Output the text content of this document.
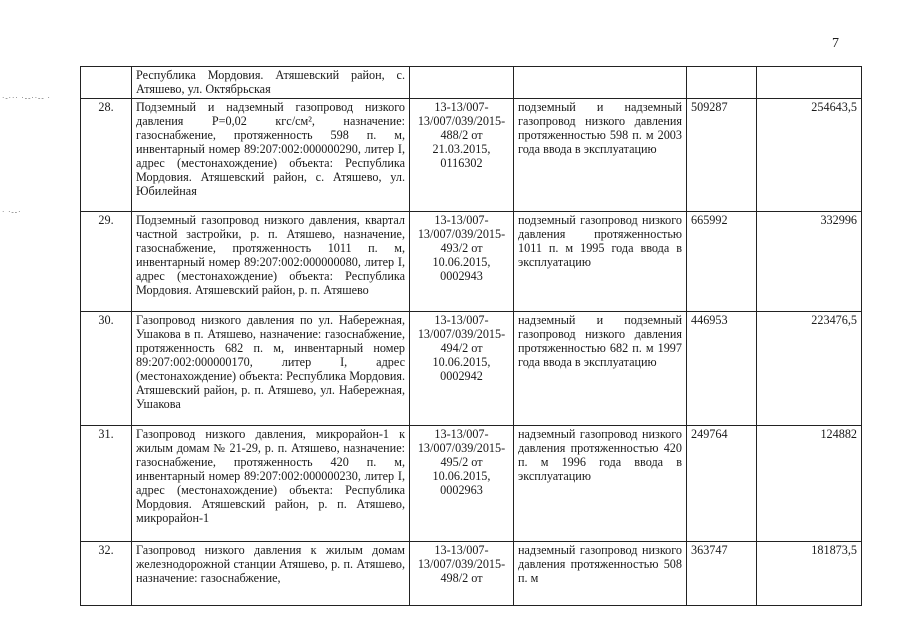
7
·-··· ·--··-- ·
· ·--·
	Республика Мордовия. Атяшевский район, с. Атяшево, ул. Октябрьская				
28.	Подземный и надземный газопровод низкого давления Р=0,02 кгс/см², назначение: газоснабжение, протяженность 598 п. м, инвентарный номер 89:207:002:000000290, литер I, адрес (местонахождение) объекта: Республика Мордовия. Атяшевский район, с. Атяшево, ул. Юбилейная	13-13/007-13/007/039/2015-488/2 от 21.03.2015, 0116302	подземный и надземный газопровод низкого давления протяженностью 598 п. м 2003 года ввода в эксплуатацию	509287	254643,5
29.	Подземный газопровод низкого давления, квартал частной застройки, р. п. Атяшево, назначение, газоснабжение, протяженность 1011 п. м, инвентарный номер 89:207:002:000000080, литер I, адрес (местонахождение) объекта: Республика Мордовия. Атяшевский район, р. п. Атяшево	13-13/007-13/007/039/2015-493/2 от 10.06.2015, 0002943	подземный газопровод низкого давления протяженностью 1011 п. м 1995 года ввода в эксплуатацию	665992	332996
30.	Газопровод низкого давления по ул. Набережная, Ушакова в п. Атяшево, назначение: газоснабжение, протяженность 682 п. м, инвентарный номер 89:207:002:000000170, литер I, адрес (местонахождение) объекта: Республика Мордовия. Атяшевский район, р. п. Атяшево, ул. Набережная, Ушакова	13-13/007-13/007/039/2015-494/2 от 10.06.2015, 0002942	надземный и подземный газопровод низкого давления протяженностью 682 п. м 1997 года ввода в эксплуатацию	446953	223476,5
31.	Газопровод низкого давления, микрорайон-1 к жилым домам № 21-29, р. п. Атяшево, назначение: газоснабжение, протяженность 420 п. м, инвентарный номер 89:207:002:000000230, литер I, адрес (местонахождение) объекта: Республика Мордовия. Атяшевский район, р. п. Атяшево, микрорайон-1	13-13/007-13/007/039/2015-495/2 от 10.06.2015, 0002963	надземный газопровод низкого давления протяженностью 420 п. м 1996 года ввода в эксплуатацию	249764	124882
32.	Газопровод низкого давления к жилым домам железнодорожной станции Атяшево, р. п. Атяшево, назначение: газоснабжение,	13-13/007-13/007/039/2015-498/2 от	надземный газопровод низкого давления протяженностью 508 п. м	363747	181873,5
